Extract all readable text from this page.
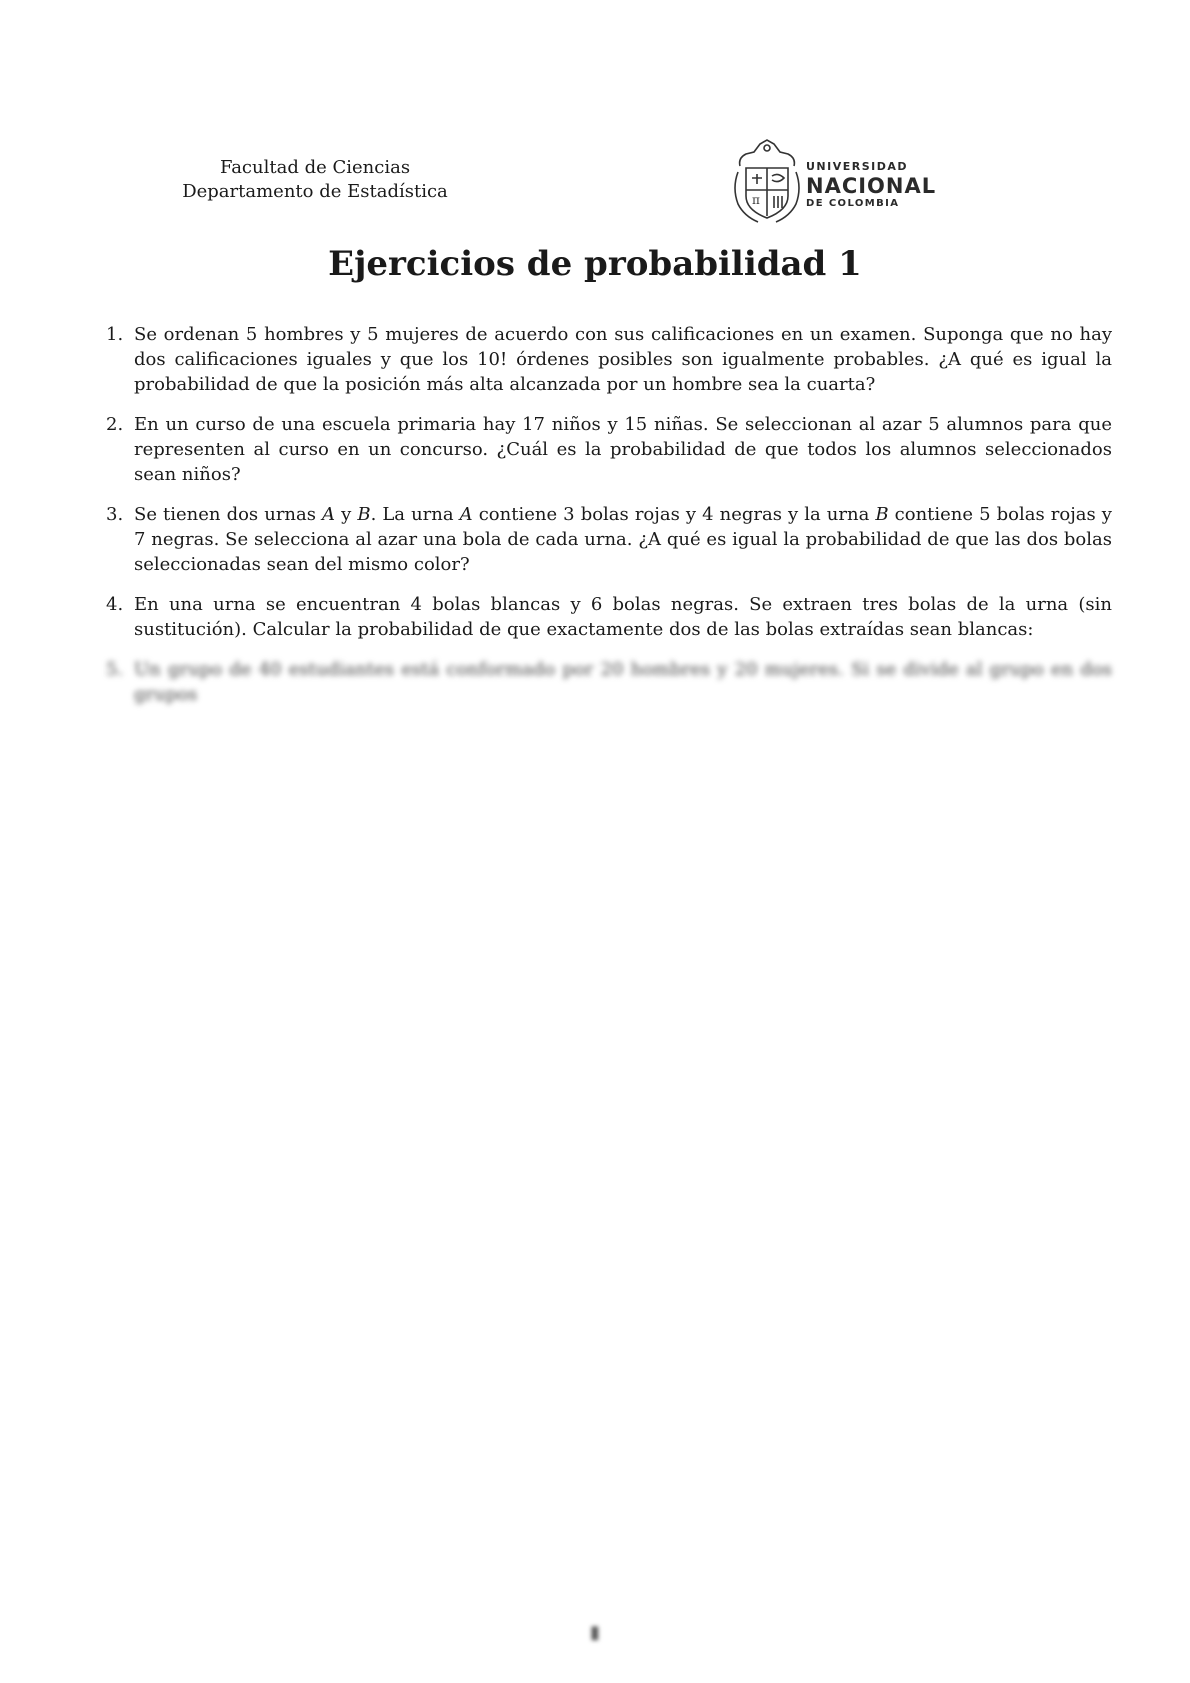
Facultad de Ciencias
Departamento de Estadística	π
UNIVERSIDAD
NACIONAL
DE COLOMBIA
Ejercicios de probabilidad 1
1. Se ordenan 5 hombres y 5 mujeres de acuerdo con sus calificaciones en un examen. Suponga que no hay dos calificaciones iguales y que los 10! órdenes posibles son igualmente probables. ¿A qué es igual la probabilidad de que la posición más alta alcanzada por un hombre sea la cuarta?
2. En un curso de una escuela primaria hay 17 niños y 15 niñas. Se seleccionan al azar 5 alumnos para que representen al curso en un concurso. ¿Cuál es la probabilidad de que todos los alumnos seleccionados sean niños?
3. Se tienen dos urnas A y B. La urna A contiene 3 bolas rojas y 4 negras y la urna B contiene 5 bolas rojas y 7 negras. Se selecciona al azar una bola de cada urna. ¿A qué es igual la probabilidad de que las dos bolas seleccionadas sean del mismo color?
4. En una urna se encuentran 4 bolas blancas y 6 bolas negras. Se extraen tres bolas de la urna (sin sustitución). Calcular la probabilidad de que exactamente dos de las bolas extraídas sean blancas:
5. Un grupo de 40 estudiantes está conformado por 20 hombres y 20 mujeres. Si se divide al grupo en dos grupos
▮
